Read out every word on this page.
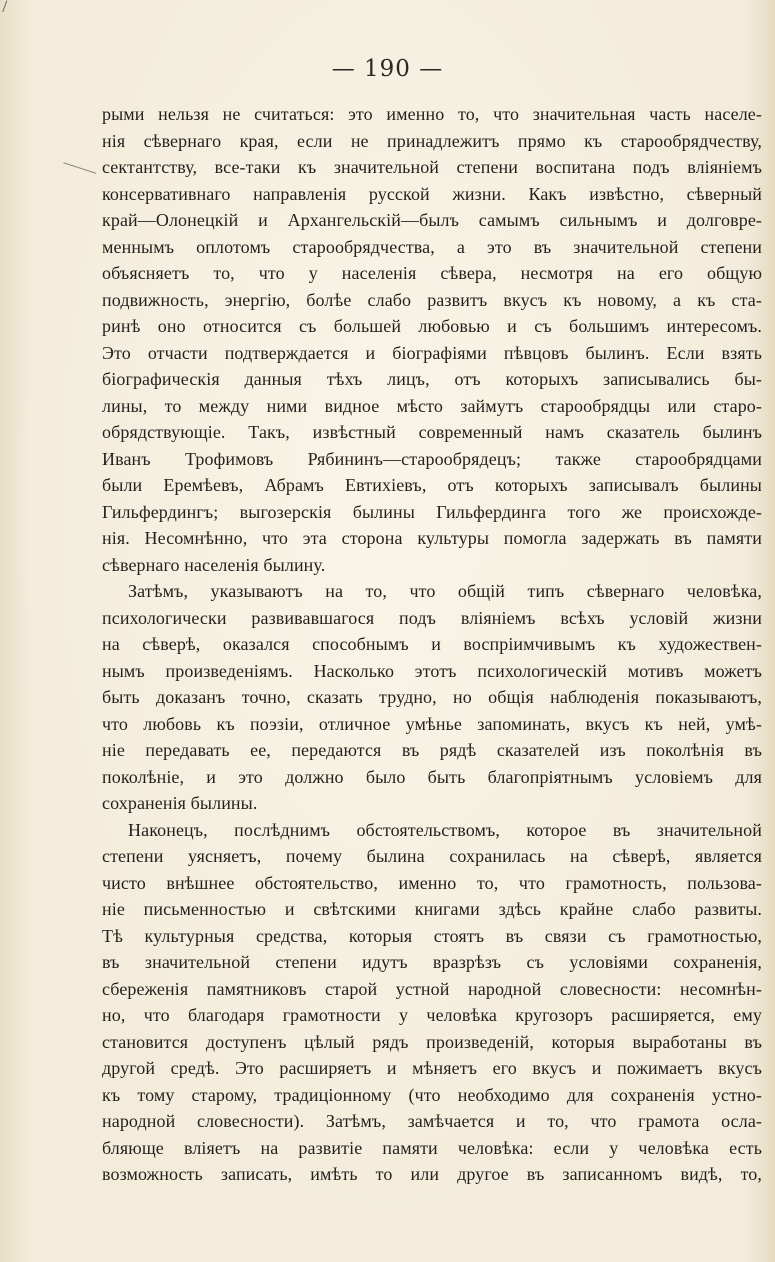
— 190 —
рыми нельзя не считаться: это именно то, что значительная часть населе-
нія сѣвернаго края, если не принадлежитъ прямо къ старообрядчеству,
сектантству, все-таки къ значительной степени воспитана подъ вліяніемъ
консервативнаго направленія русской жизни. Какъ извѣстно, сѣверный
край—Олонецкій и Архангельскій—былъ самымъ сильнымъ и долговре-
меннымъ оплотомъ старообрядчества, а это въ значительной степени
объясняетъ то, что у населенія сѣвера, несмотря на его общую
подвижность, энергію, болѣе слабо развитъ вкусъ къ новому, а къ ста-
ринѣ оно относится съ большей любовью и съ большимъ интересомъ.
Это отчасти подтверждается и біографіями пѣвцовъ былинъ. Если взять
біографическія данныя тѣхъ лицъ, отъ которыхъ записывались бы-
лины, то между ними видное мѣсто займутъ старообрядцы или старо-
обрядствующіе. Такъ, извѣстный современный намъ сказатель былинъ
Иванъ Трофимовъ Рябининъ—старообрядецъ; также старообрядцами
были Еремѣевъ, Абрамъ Евтихіевъ, отъ которыхъ записывалъ былины
Гильфердингъ; выгозерскія былины Гильфердинга того же происхожде-
нія. Несомнѣнно, что эта сторона культуры помогла задержать въ памяти
сѣвернаго населенія былину.
Затѣмъ, указываютъ на то, что общій типъ сѣвернаго человѣка,
психологически развивавшагося подъ вліяніемъ всѣхъ условій жизни
на сѣверѣ, оказался способнымъ и воспріимчивымъ къ художествен-
нымъ произведеніямъ. Насколько этотъ психологическій мотивъ можетъ
быть доказанъ точно, сказать трудно, но общія наблюденія показываютъ,
что любовь къ поэзіи, отличное умѣнье запоминать, вкусъ къ ней, умѣ-
ніе передавать ее, передаются въ рядѣ сказателей изъ поколѣнія въ
поколѣніе, и это должно было быть благопріятнымъ условіемъ для
сохраненія былины.
Наконецъ, послѣднимъ обстоятельствомъ, которое въ значительной
степени уясняетъ, почему былина сохранилась на сѣверѣ, является
чисто внѣшнее обстоятельство, именно то, что грамотность, пользова-
ніе письменностью и свѣтскими книгами здѣсь крайне слабо развиты.
Тѣ культурныя средства, которыя стоятъ въ связи съ грамотностью,
въ значительной степени идутъ вразрѣзъ съ условіями сохраненія,
сбереженія памятниковъ старой устной народной словесности: несомнѣн-
но, что благодаря грамотности у человѣка кругозоръ расширяется, ему
становится доступенъ цѣлый рядъ произведеній, которыя выработаны въ
другой средѣ. Это расширяетъ и мѣняетъ его вкусъ и пожимаетъ вкусъ
къ тому старому, традиціонному (что необходимо для сохраненія устно-
народной словесности). Затѣмъ, замѣчается и то, что грамота осла-
бляюще вліяетъ на развитіе памяти человѣка: если у человѣка есть
возможность записать, имѣть то или другое въ записанномъ видѣ, то,
